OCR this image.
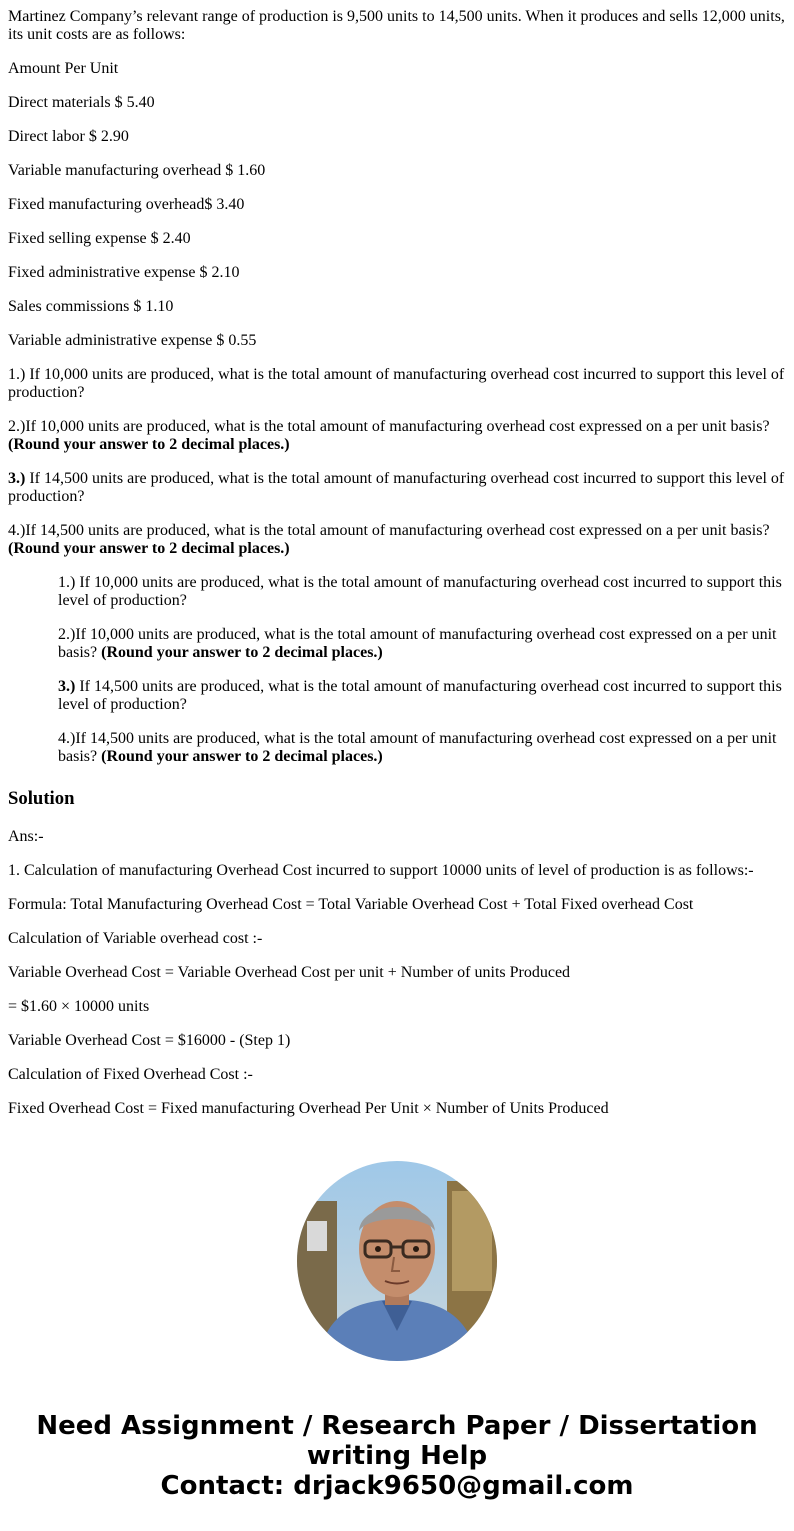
Martinez Company’s relevant range of production is 9,500 units to 14,500 units. When it produces and sells 12,000 units, its unit costs are as follows:

Amount Per Unit

Direct materials $ 5.40

Direct labor $ 2.90

Variable manufacturing overhead $ 1.60

Fixed manufacturing overhead$ 3.40

Fixed selling expense $ 2.40

Fixed administrative expense $ 2.10

Sales commissions $ 1.10

Variable administrative expense $ 0.55

1.) If 10,000 units are produced, what is the total amount of manufacturing overhead cost incurred to support this level of production?

2.)If 10,000 units are produced, what is the total amount of manufacturing overhead cost expressed on a per unit basis?
(Round your answer to 2 decimal places.)

3.) If 14,500 units are produced, what is the total amount of manufacturing overhead cost incurred to support this level of production?

4.)If 14,500 units are produced, what is the total amount of manufacturing overhead cost expressed on a per unit basis?
(Round your answer to 2 decimal places.)

1.) If 10,000 units are produced, what is the total amount of manufacturing overhead cost incurred to support this level of production?

2.)If 10,000 units are produced, what is the total amount of manufacturing overhead cost expressed on a per unit basis? (Round your answer to 2 decimal places.)

3.) If 14,500 units are produced, what is the total amount of manufacturing overhead cost incurred to support this level of production?

4.)If 14,500 units are produced, what is the total amount of manufacturing overhead cost expressed on a per unit basis? (Round your answer to 2 decimal places.)

Solution

Ans:-

1. Calculation of manufacturing Overhead Cost incurred to support 10000 units of level of production is as follows:-

Formula: Total Manufacturing Overhead Cost = Total Variable Overhead Cost + Total Fixed overhead Cost

Calculation of Variable overhead cost :-

Variable Overhead Cost = Variable Overhead Cost per unit + Number of units Produced

= $1.60 × 10000 units

Variable Overhead Cost = $16000 - (Step 1)

Calculation of Fixed Overhead Cost :-

Fixed Overhead Cost = Fixed manufacturing Overhead Per Unit × Number of Units Produced

Need Assignment / Research Paper / Dissertation
writing Help
Contact: drjack9650@gmail.com
